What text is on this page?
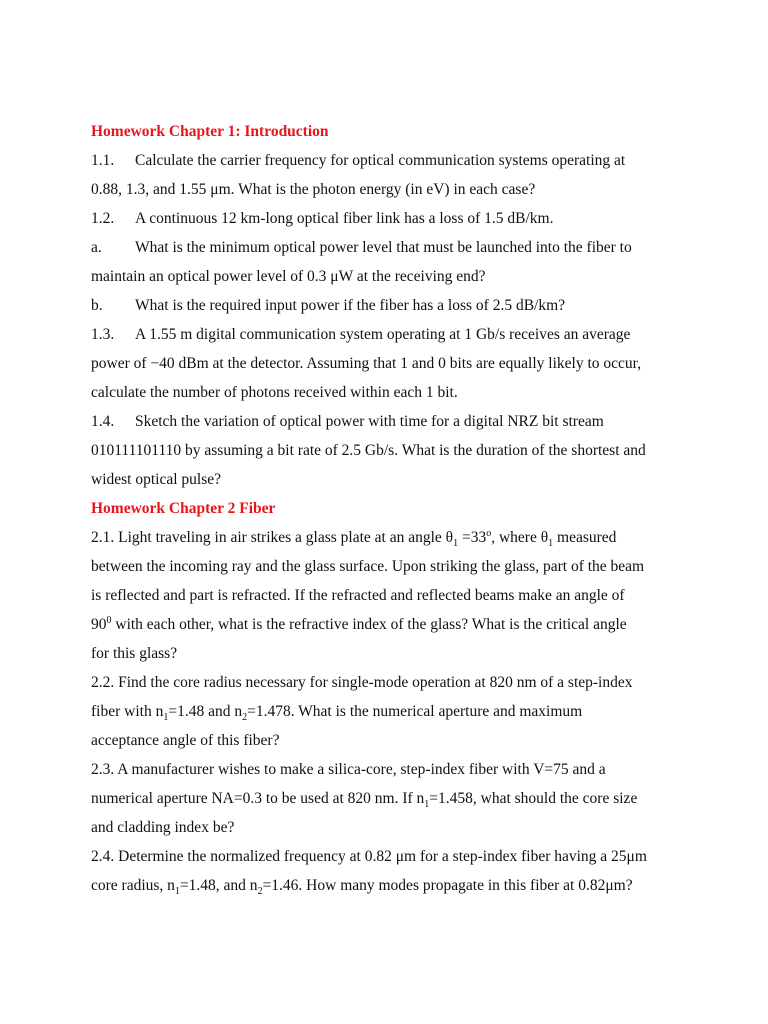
Homework Chapter 1: Introduction
1.1. Calculate the carrier frequency for optical communication systems operating at
0.88, 1.3, and 1.55 μm. What is the photon energy (in eV) in each case?
1.2. A continuous 12 km-long optical fiber link has a loss of 1.5 dB/km.
a. What is the minimum optical power level that must be launched into the fiber to
maintain an optical power level of 0.3 μW at the receiving end?
b. What is the required input power if the fiber has a loss of 2.5 dB/km?
1.3. A 1.55 m digital communication system operating at 1 Gb/s receives an average
power of −40 dBm at the detector. Assuming that 1 and 0 bits are equally likely to occur,
calculate the number of photons received within each 1 bit.
1.4. Sketch the variation of optical power with time for a digital NRZ bit stream
010111101110 by assuming a bit rate of 2.5 Gb/s. What is the duration of the shortest and
widest optical pulse?
Homework Chapter 2 Fiber
2.1. Light traveling in air strikes a glass plate at an angle $\theta_1 =33^o$, where $\theta_1$ measured
between the incoming ray and the glass surface. Upon striking the glass, part of the beam
is reflected and part is refracted. If the refracted and reflected beams make an angle of
$90^0$ with each other, what is the refractive index of the glass? What is the critical angle
for this glass?
2.2. Find the core radius necessary for single-mode operation at 820 nm of a step-index
fiber with $n_1=1.48$ and $n_2=1.478$. What is the numerical aperture and maximum
acceptance angle of this fiber?
2.3. A manufacturer wishes to make a silica-core, step-index fiber with V=75 and a
numerical aperture NA=0.3 to be used at 820 nm. If $n_1=1.458$, what should the core size
and cladding index be?
2.4. Determine the normalized frequency at 0.82 μm for a step-index fiber having a 25μm
core radius, $n_1=1.48$, and $n_2=1.46$. How many modes propagate in this fiber at 0.82μm?
